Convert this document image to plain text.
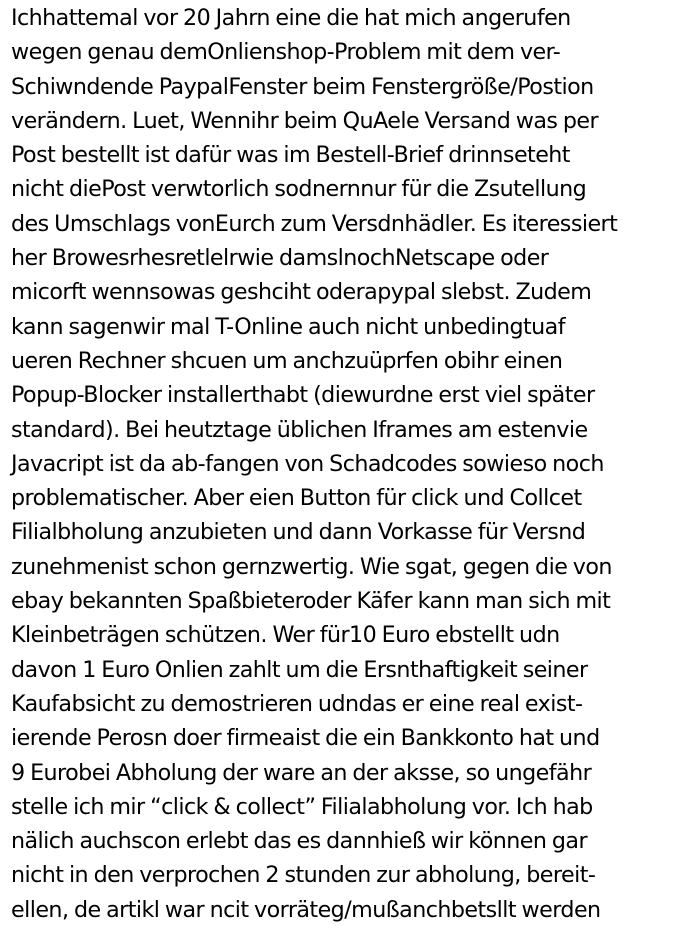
Ichhattemal vor 20 Jahrn eine die hat mich angerufen
wegen genau demOnlienshop-Problem mit dem ver-
Schiwndende PaypalFenster beim Fenstergröße/Postion
verändern. Luet, Wennihr beim QuAele Versand was per
Post bestellt ist dafür was im Bestell-Brief drinnseteht
nicht diePost verwtorlich sodnernnur für die Zsutellung
des Umschlags vonEurch zum Versdnhädler. Es iteressiert
her Browesrhesretlelrwie damslnochNetscape oder
micorft wennsowas geshciht oderapypal slebst. Zudem
kann sagenwir mal T-Online auch nicht unbedingtuaf
ueren Rechner shcuen um anchzuüprfen obihr einen
Popup-Blocker installerthabt (diewurdne erst viel später
standard). Bei heutztage üblichen Iframes am estenvie
Javacript ist da ab-fangen von Schadcodes sowieso noch
problematischer. Aber eien Button für click und Collcet
Filialbholung anzubieten und dann Vorkasse für Versnd
zunehmenist schon gernzwertig. Wie sgat, gegen die von
ebay bekannten Spaßbieteroder Käfer kann man sich mit
Kleinbeträgen schützen. Wer für10 Euro ebstellt udn
davon 1 Euro Onlien zahlt um die Ersnthaftigkeit seiner
Kaufabsicht zu demostrieren udndas er eine real exist-
ierende Perosn doer firmeaist die ein Bankkonto hat und
9 Eurobei Abholung der ware an der aksse, so ungefähr
stelle ich mir “click & collect” Filialabholung vor. Ich hab
nälich auchscon erlebt das es dannhieß wir können gar
nicht in den verprochen 2 stunden zur abholung, bereit-
ellen, de artikl war ncit vorräteg/mußanchbetsllt werden
